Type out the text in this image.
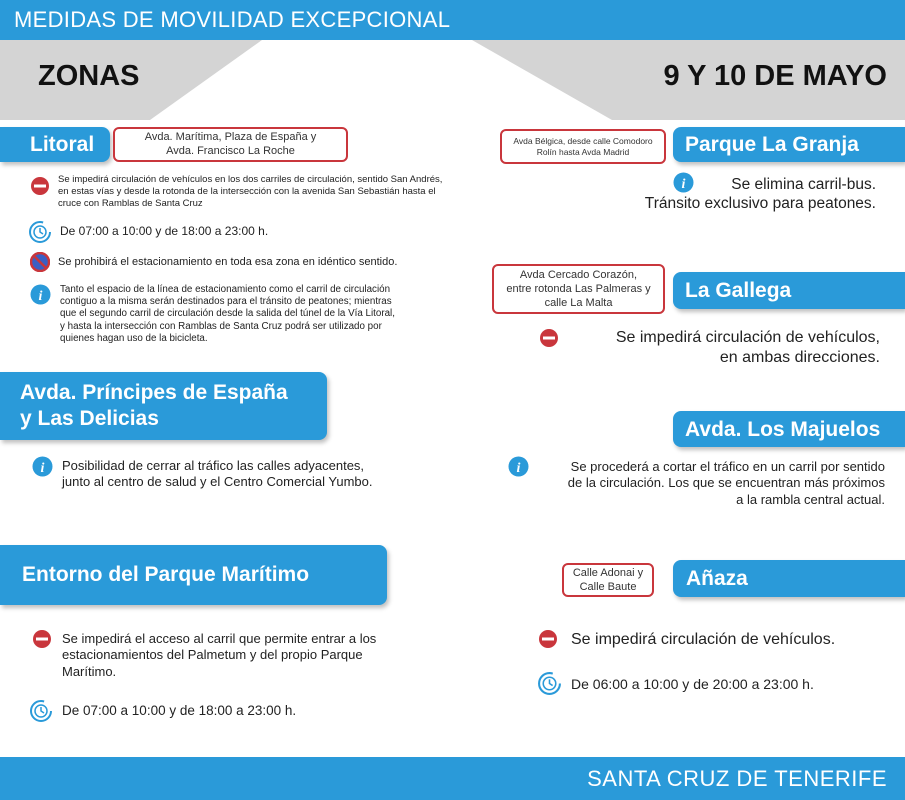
MEDIDAS DE MOVILIDAD EXCEPCIONAL
ZONAS	9 Y 10 DE MAYO
Litoral	Avda. Marítima, Plaza de España y
Avda. Francisco La Roche
Se impedirá circulación de vehículos en los dos carriles de circulación, sentido San Andrés,
en estas vías y desde la rotonda de la intersección con la avenida San Sebastián hasta el
cruce con Ramblas de Santa Cruz
De 07:00 a 10:00 y de 18:00 a 23:00 h.
Se prohibirá el estacionamiento en toda esa zona en idéntico sentido.
i Tanto el espacio de la línea de estacionamiento como el carril de circulación
contiguo a la misma serán destinados para el tránsito de peatones; mientras
que el segundo carril de circulación desde la salida del túnel de la Vía Litoral,
y hasta la intersección con Ramblas de Santa Cruz podrá ser utilizado por
quienes hagan uso de la bicicleta.
Avda. Príncipes de España
y Las Delicias
i Posibilidad de cerrar al tráfico las calles adyacentes,
junto al centro de salud y el Centro Comercial Yumbo.
Entorno del Parque Marítimo
Se impedirá el acceso al carril que permite entrar a los
estacionamientos del Palmetum y del propio Parque
Marítimo.
De 07:00 a 10:00 y de 18:00 a 23:00 h.
Avda Bélgica, desde calle Comodoro
Rolín hasta Avda Madrid	Parque La Granja
i	Se elimina carril-bus.
Tránsito exclusivo para peatones.
Avda Cercado Corazón,
entre rotonda Las Palmeras y
calle La Malta
La Gallega
Se impedirá circulación de vehículos,
en ambas direcciones.
Avda. Los Majuelos
i	Se procederá a cortar el tráfico en un carril por sentido
de la circulación. Los que se encuentran más próximos
a la rambla central actual.
Calle Adonai y
Calle Baute	Añaza
Se impedirá circulación de vehículos.
De 06:00 a 10:00 y de 20:00 a 23:00 h.
SANTA CRUZ DE TENERIFE
